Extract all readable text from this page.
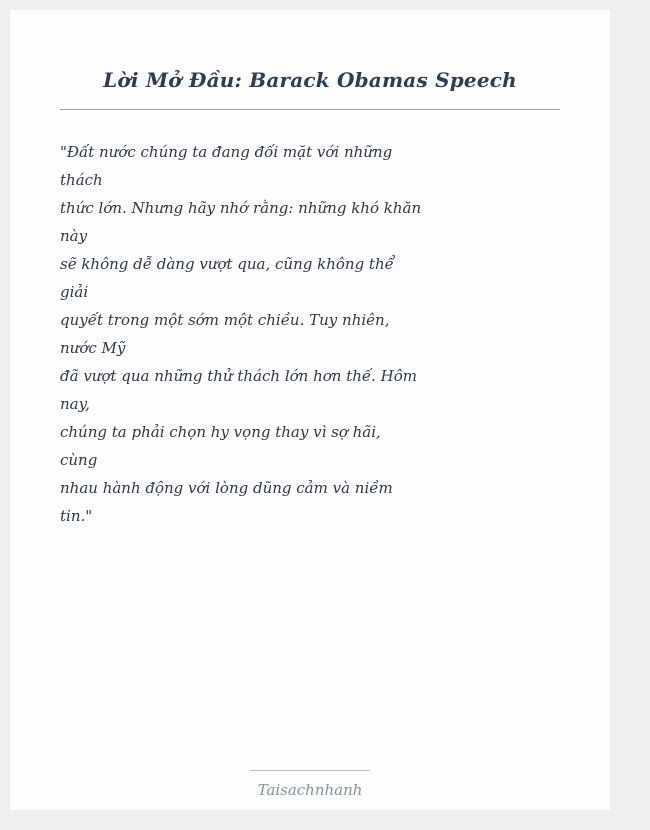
Lời Mở Đầu: Barack Obamas Speech

"Đất nước chúng ta đang đối mặt với những
thách
thức lớn. Nhưng hãy nhớ rằng: những khó khăn
này
sẽ không dễ dàng vượt qua, cũng không thể
giải
quyết trong một sớm một chiều. Tuy nhiên,
nước Mỹ
đã vượt qua những thử thách lớn hơn thế. Hôm
nay,
chúng ta phải chọn hy vọng thay vì sợ hãi,
cùng
nhau hành động với lòng dũng cảm và niềm
tin."

Taisachnhanh
